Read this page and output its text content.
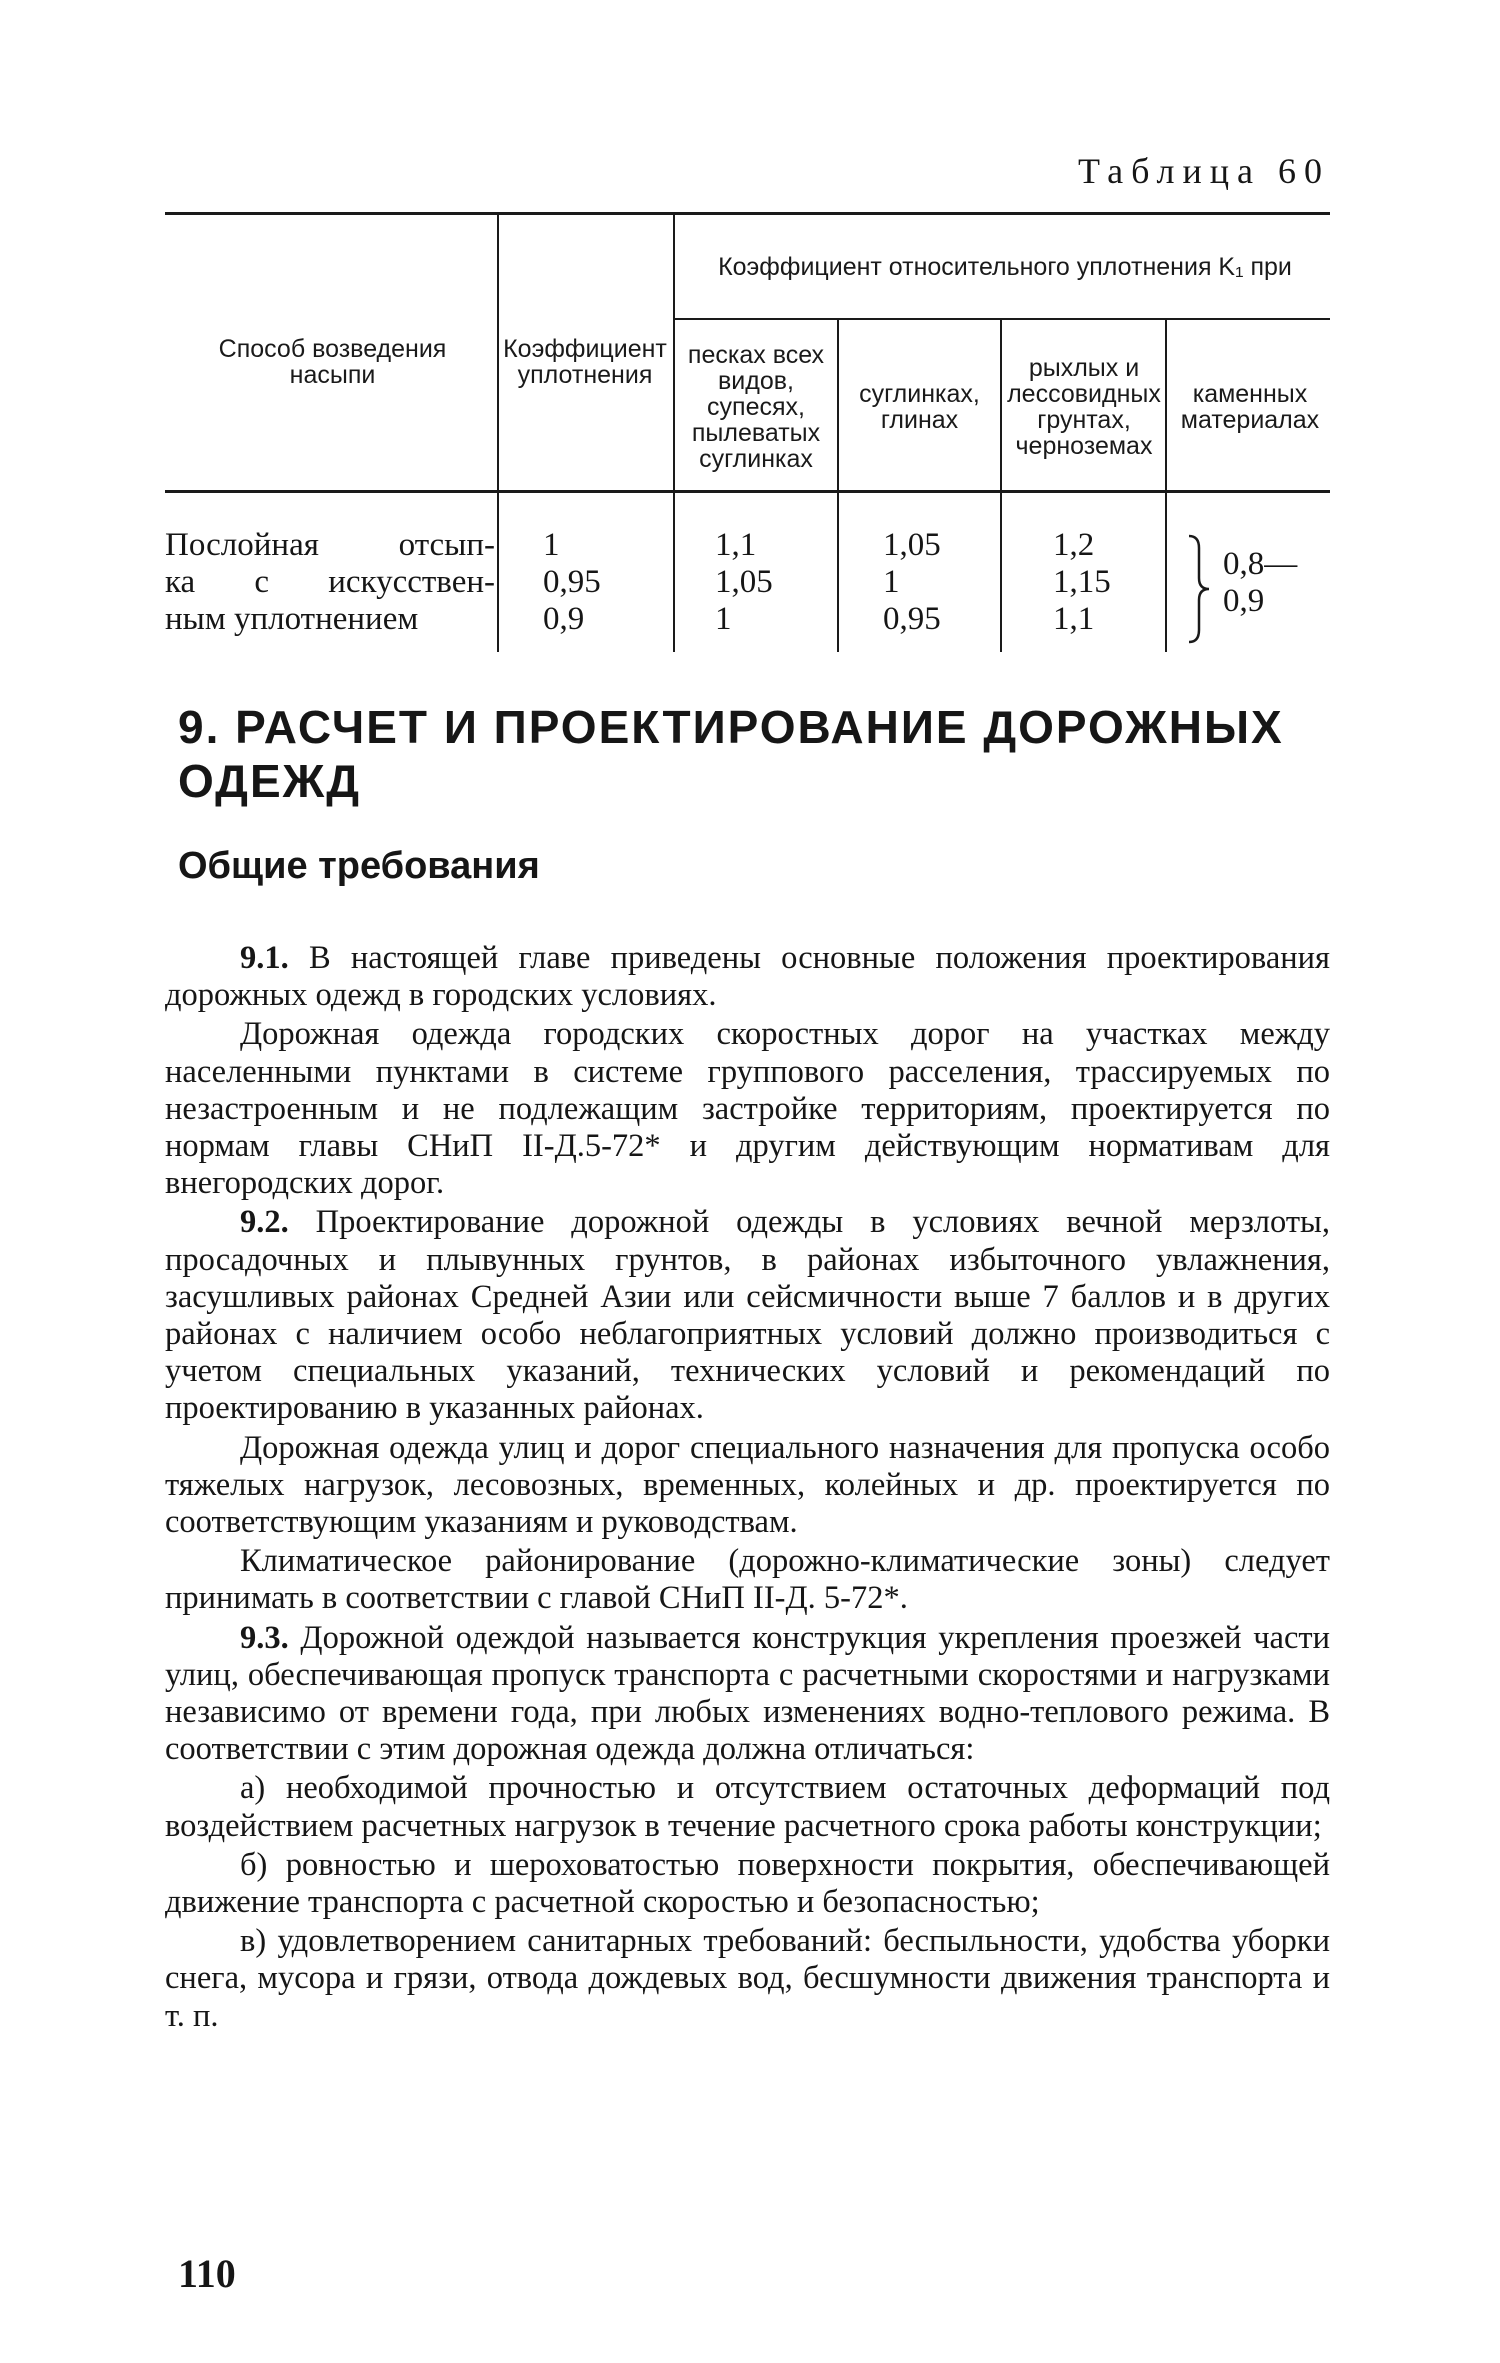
Таблица 60
Способ возведения насыпи
Коэффициент уплотнения
Коэффициент относительного уплотнения K₁ при
песках всех видов, супесях, пылеватых суглинках
суглинках, глинах
рыхлых и лессовидных грунтах, черноземах
каменных материалах
Послойная отсып-
ка с искусствен-
ным уплотнением
1
0,95
0,9
1,1
1,05
1
1,05
1
0,95
1,2
1,15
1,1
0,8—
0,9
9. РАСЧЕТ И ПРОЕКТИРОВАНИЕ ДОРОЖНЫХ ОДЕЖД
Общие требования

9.1. В настоящей главе приведены основные положения проектирования дорожных одежд в городских условиях.

Дорожная одежда городских скоростных дорог на участках между населенными пунктами в системе группового расселения, трассируемых по незастроенным и не подлежащим застройке территориям, проектируется по нормам главы СНиП II-Д.5-72* и другим действующим нормативам для внегородских дорог.

9.2. Проектирование дорожной одежды в условиях вечной мерзлоты, просадочных и плывунных грунтов, в районах избыточного увлажнения, засушливых районах Средней Азии или сейсмичности выше 7 баллов и в других районах с наличием особо неблагоприятных условий должно производиться с учетом специальных указаний, технических условий и рекомендаций по проектированию в указанных районах.

Дорожная одежда улиц и дорог специального назначения для пропуска особо тяжелых нагрузок, лесовозных, временных, колейных и др. проектируется по соответствующим указаниям и руководствам.

Климатическое районирование (дорожно-климатические зоны) следует принимать в соответствии с главой СНиП II-Д. 5-72*.

9.3. Дорожной одеждой называется конструкция укрепления проезжей части улиц, обеспечивающая пропуск транспорта с расчетными скоростями и нагрузками независимо от времени года, при любых изменениях водно-теплового режима. В соответствии с этим дорожная одежда должна отличаться:

а) необходимой прочностью и отсутствием остаточных деформаций под воздействием расчетных нагрузок в течение расчетного срока работы конструкции;

б) ровностью и шероховатостью поверхности покрытия, обеспечивающей движение транспорта с расчетной скоростью и безопасностью;

в) удовлетворением санитарных требований: беспыльности, удобства уборки снега, мусора и грязи, отвода дождевых вод, бесшумности движения транспорта и т. п.

110
